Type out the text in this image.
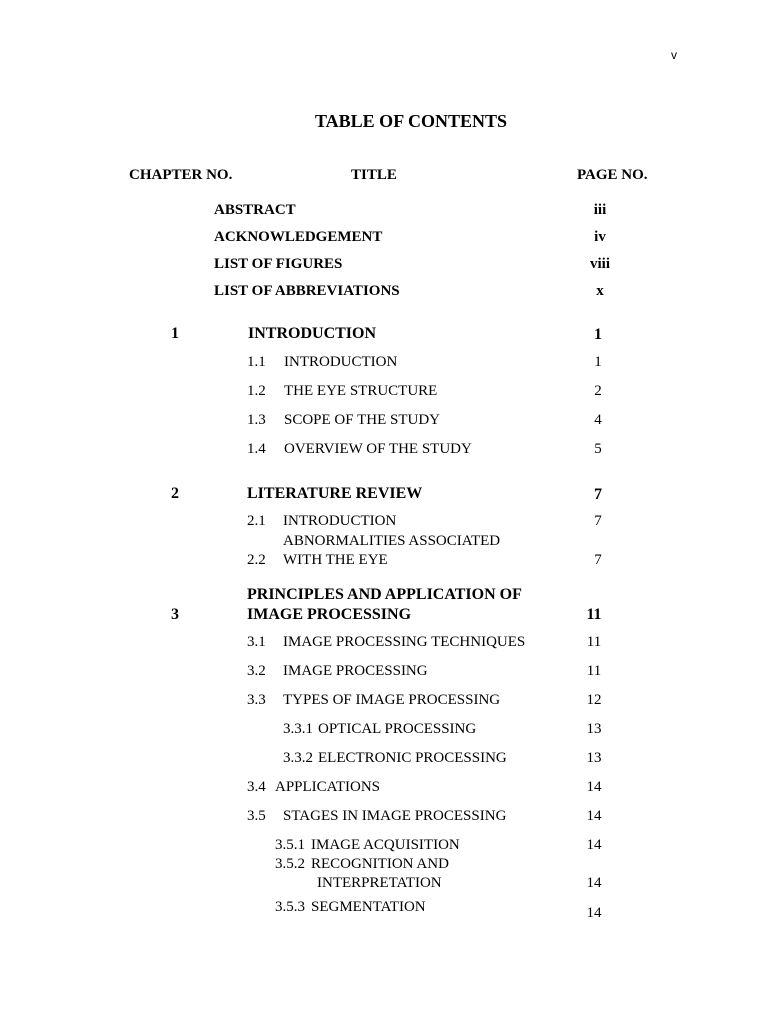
v
TABLE OF CONTENTS
CHAPTER NO.	TITLE	PAGE NO.
ABSTRACT	iii
ACKNOWLEDGEMENT	iv
LIST OF FIGURES	viii
LIST OF ABBREVIATIONS	x
1	INTRODUCTION	1
1.1 INTRODUCTION	1
1.2 THE EYE STRUCTURE	2
1.3 SCOPE OF THE STUDY	4
1.4 OVERVIEW OF THE STUDY	5
2	LITERATURE REVIEW	7
2.1 INTRODUCTION	7
ABNORMALITIES ASSOCIATED
2.2 WITH THE EYE	7
PRINCIPLES AND APPLICATION OF
3	IMAGE PROCESSING	11
3.1 IMAGE PROCESSING TECHNIQUES	11
3.2 IMAGE PROCESSING	11
3.3 TYPES OF IMAGE PROCESSING	12
3.3.1 OPTICAL PROCESSING	13
3.3.2 ELECTRONIC PROCESSING	13
3.4 APPLICATIONS	14
3.5 STAGES IN IMAGE PROCESSING	14
3.5.1 IMAGE ACQUISITION	14
3.5.2 RECOGNITION AND
INTERPRETATION	14
3.5.3 SEGMENTATION	14
